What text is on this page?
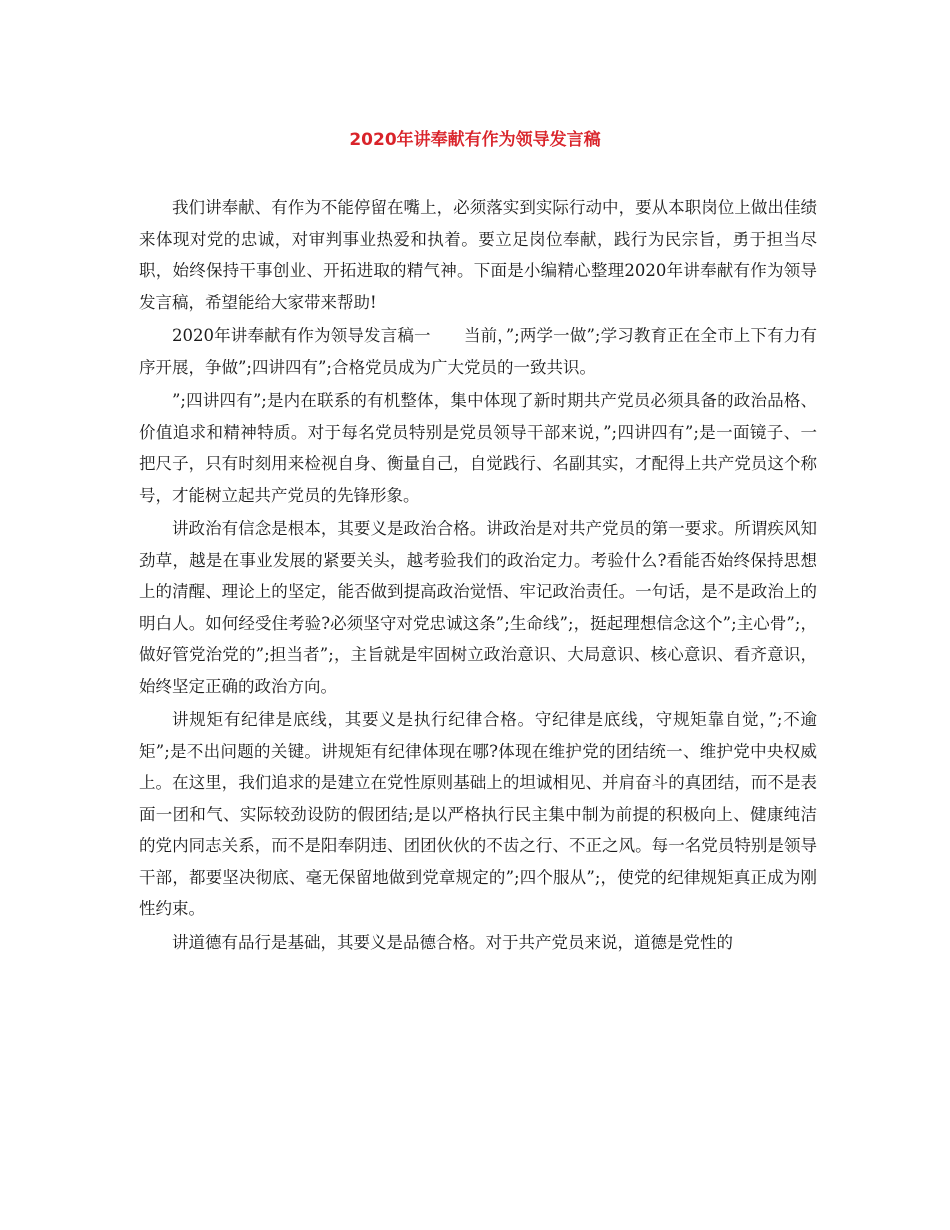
2020年讲奉献有作为领导发言稿

我们讲奉献、有作为不能停留在嘴上，必须落实到实际行动中，要从本职岗位上做出佳绩来体现对党的忠诚，对审判事业热爱和执着。要立足岗位奉献，践行为民宗旨，勇于担当尽职，始终保持干事创业、开拓进取的精气神。下面是小编精心整理2020年讲奉献有作为领导发言稿，希望能给大家带来帮助!

2020年讲奉献有作为领导发言稿一　　当前，”;两学一做”;学习教育正在全市上下有力有序开展，争做”;四讲四有”;合格党员成为广大党员的一致共识。

”;四讲四有”;是内在联系的有机整体，集中体现了新时期共产党员必须具备的政治品格、价值追求和精神特质。对于每名党员特别是党员领导干部来说，”;四讲四有”;是一面镜子、一把尺子，只有时刻用来检视自身、衡量自己，自觉践行、名副其实，才配得上共产党员这个称号，才能树立起共产党员的先锋形象。

讲政治有信念是根本，其要义是政治合格。讲政治是对共产党员的第一要求。所谓疾风知劲草，越是在事业发展的紧要关头，越考验我们的政治定力。考验什么?看能否始终保持思想上的清醒、理论上的坚定，能否做到提高政治觉悟、牢记政治责任。一句话，是不是政治上的明白人。如何经受住考验?必须坚守对党忠诚这条”;生命线”;，挺起理想信念这个”;主心骨”;，做好管党治党的”;担当者”;，主旨就是牢固树立政治意识、大局意识、核心意识、看齐意识，始终坚定正确的政治方向。

讲规矩有纪律是底线，其要义是执行纪律合格。守纪律是底线，守规矩靠自觉，”;不逾矩”;是不出问题的关键。讲规矩有纪律体现在哪?体现在维护党的团结统一、维护党中央权威上。在这里，我们追求的是建立在党性原则基础上的坦诚相见、并肩奋斗的真团结，而不是表面一团和气、实际较劲设防的假团结;是以严格执行民主集中制为前提的积极向上、健康纯洁的党内同志关系，而不是阳奉阴违、团团伙伙的不齿之行、不正之风。每一名党员特别是领导干部，都要坚决彻底、毫无保留地做到党章规定的”;四个服从”;，使党的纪律规矩真正成为刚性约束。

讲道德有品行是基础，其要义是品德合格。对于共产党员来说，道德是党性的
